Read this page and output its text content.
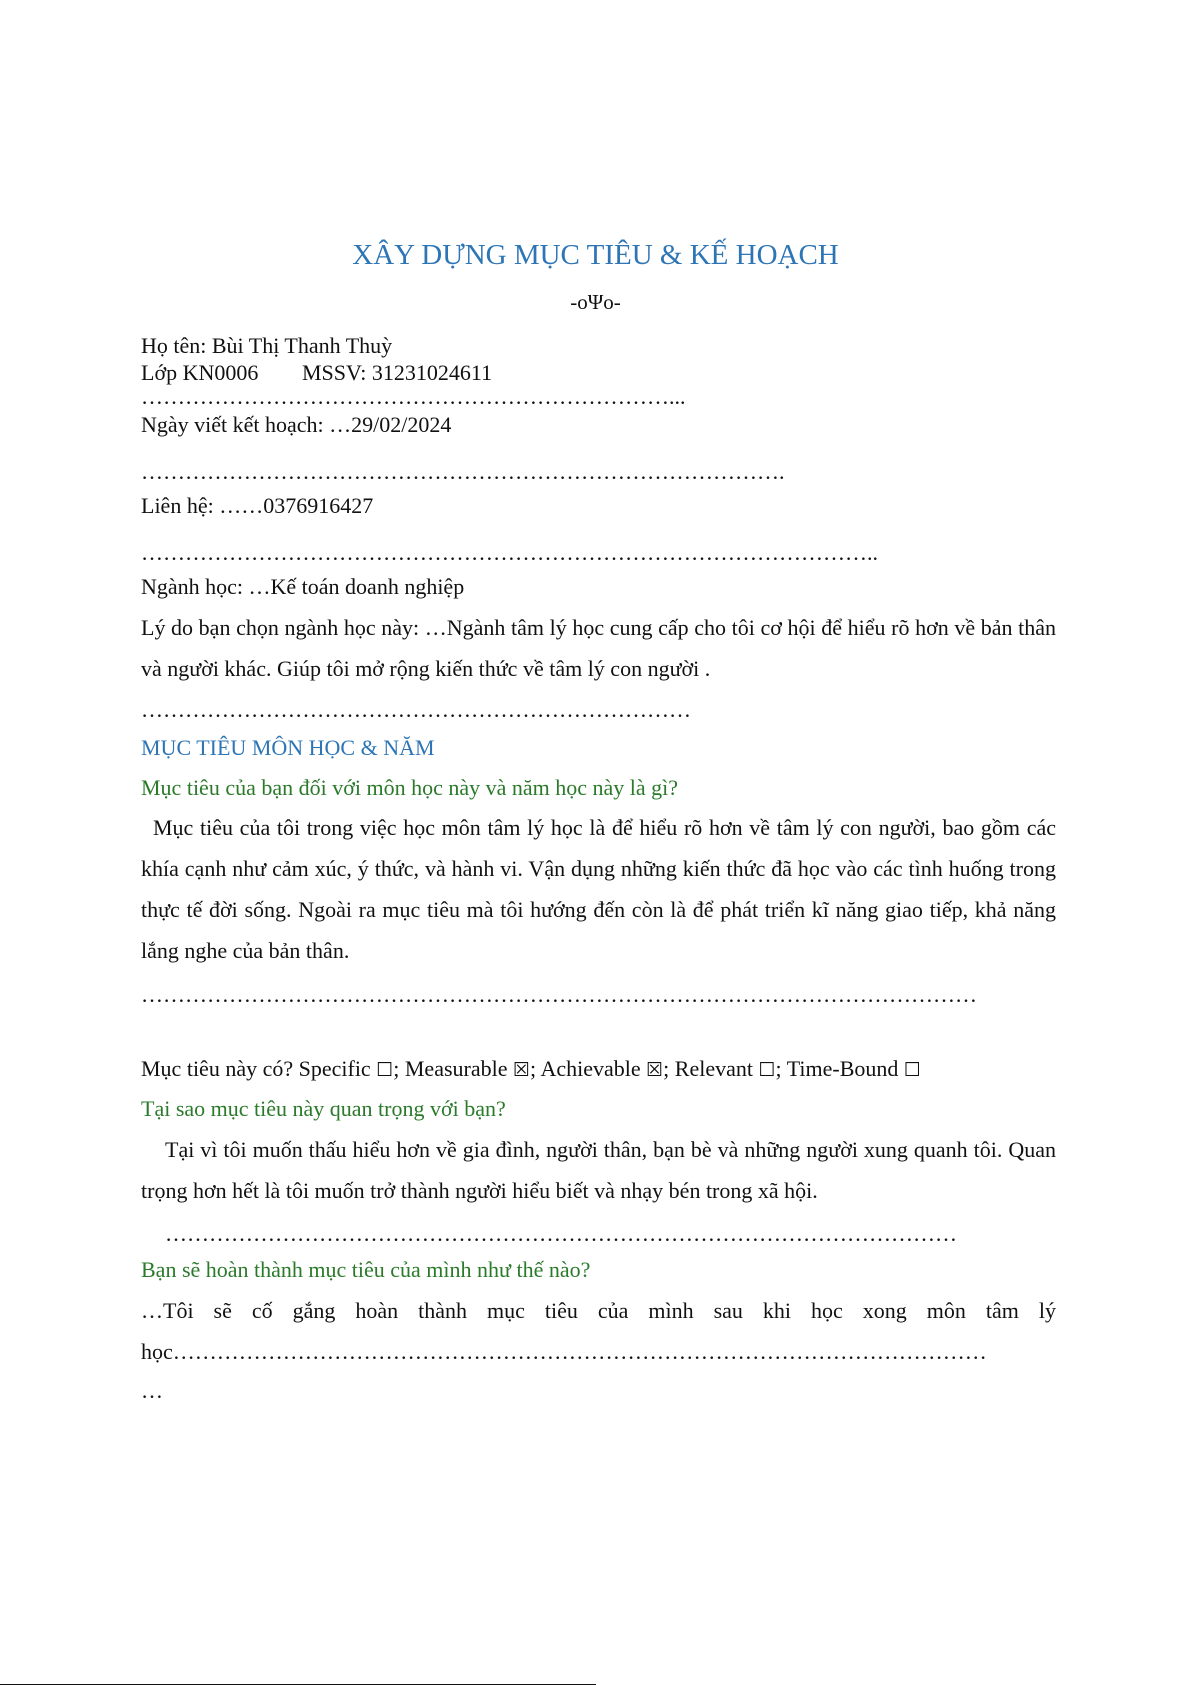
XÂY DỰNG MỤC TIÊU & KẾ HOẠCH
-oΨo-
Họ tên: Bùi Thị Thanh Thuỳ
Lớp KN0006 MSSV: 31231024611
………………………………………………………………...
Ngày viết kết hoạch: …29/02/2024
…………………………………………………………………………….
Liên hệ: ……0376916427
………………………………………………………………………………………..
Ngành học: …Kế toán doanh nghiệp
Lý do bạn chọn ngành học này: …Ngành tâm lý học cung cấp cho tôi cơ hội để hiểu rõ hơn về bản thân và người khác. Giúp tôi mở rộng kiến thức về tâm lý con người .
…………………………………………………………………
MỤC TIÊU MÔN HỌC & NĂM
Mục tiêu của bạn đối với môn học này và năm học này là gì?
Mục tiêu của tôi trong việc học môn tâm lý học là để hiểu rõ hơn về tâm lý con người, bao gồm các khía cạnh như cảm xúc, ý thức, và hành vi. Vận dụng những kiến thức đã học vào các tình huống trong thực tế đời sống. Ngoài ra mục tiêu mà tôi hướng đến còn là để phát triển kĩ năng giao tiếp, khả năng lắng nghe của bản thân.
……………………………………………………………………………………………………
Mục tiêu này có? Specific ☐; Measurable ☒; Achievable ☒; Relevant ☐; Time-Bound ☐
Tại sao mục tiêu này quan trọng với bạn?
Tại vì tôi muốn thấu hiểu hơn về gia đình, người thân, bạn bè và những người xung quanh tôi. Quan trọng hơn hết là tôi muốn trở thành người hiểu biết và nhạy bén trong xã hội.
………………………………………………………………………………………………
Bạn sẽ hoàn thành mục tiêu của mình như thế nào?
…Tôi sẽ cố gắng hoàn thành mục tiêu của mình sau khi học xong môn tâm lý học…………………………………………………………………………………………………
…
